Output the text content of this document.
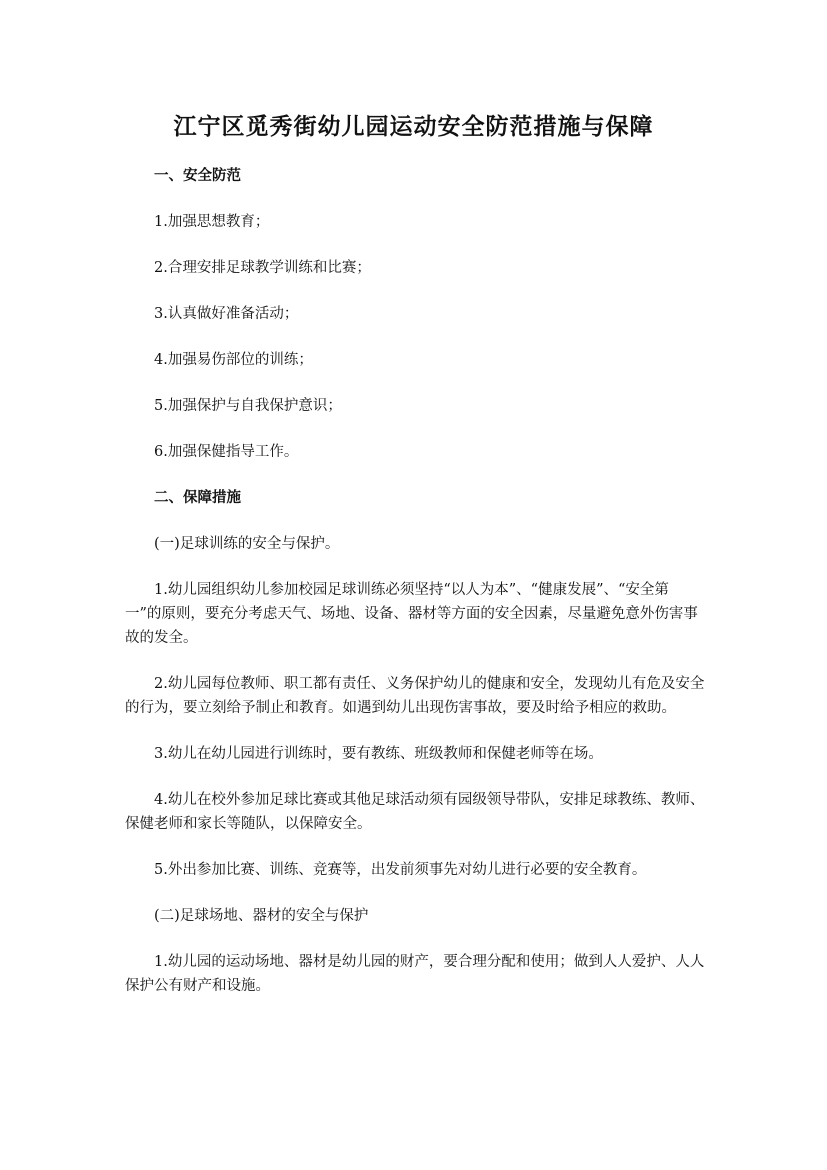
江宁区觅秀街幼儿园运动安全防范措施与保障

一、安全防范

1.加强思想教育；

2.合理安排足球教学训练和比赛；

3.认真做好准备活动；

4.加强易伤部位的训练；

5.加强保护与自我保护意识；

6.加强保健指导工作。

二、保障措施

(一)足球训练的安全与保护。

1.幼儿园组织幼儿参加校园足球训练必须坚持“以人为本”、“健康发展”、“安全第一”的原则，要充分考虑天气、场地、设备、器材等方面的安全因素，尽量避免意外伤害事故的发全。

2.幼儿园每位教师、职工都有责任、义务保护幼儿的健康和安全，发现幼儿有危及安全的行为，要立刻给予制止和教育。如遇到幼儿出现伤害事故，要及时给予相应的救助。

3.幼儿在幼儿园进行训练时，要有教练、班级教师和保健老师等在场。

4.幼儿在校外参加足球比赛或其他足球活动须有园级领导带队，安排足球教练、教师、保健老师和家长等随队，以保障安全。

5.外出参加比赛、训练、竞赛等，出发前须事先对幼儿进行必要的安全教育。

(二)足球场地、器材的安全与保护

1.幼儿园的运动场地、器材是幼儿园的财产，要合理分配和使用；做到人人爱护、人人保护公有财产和设施。
